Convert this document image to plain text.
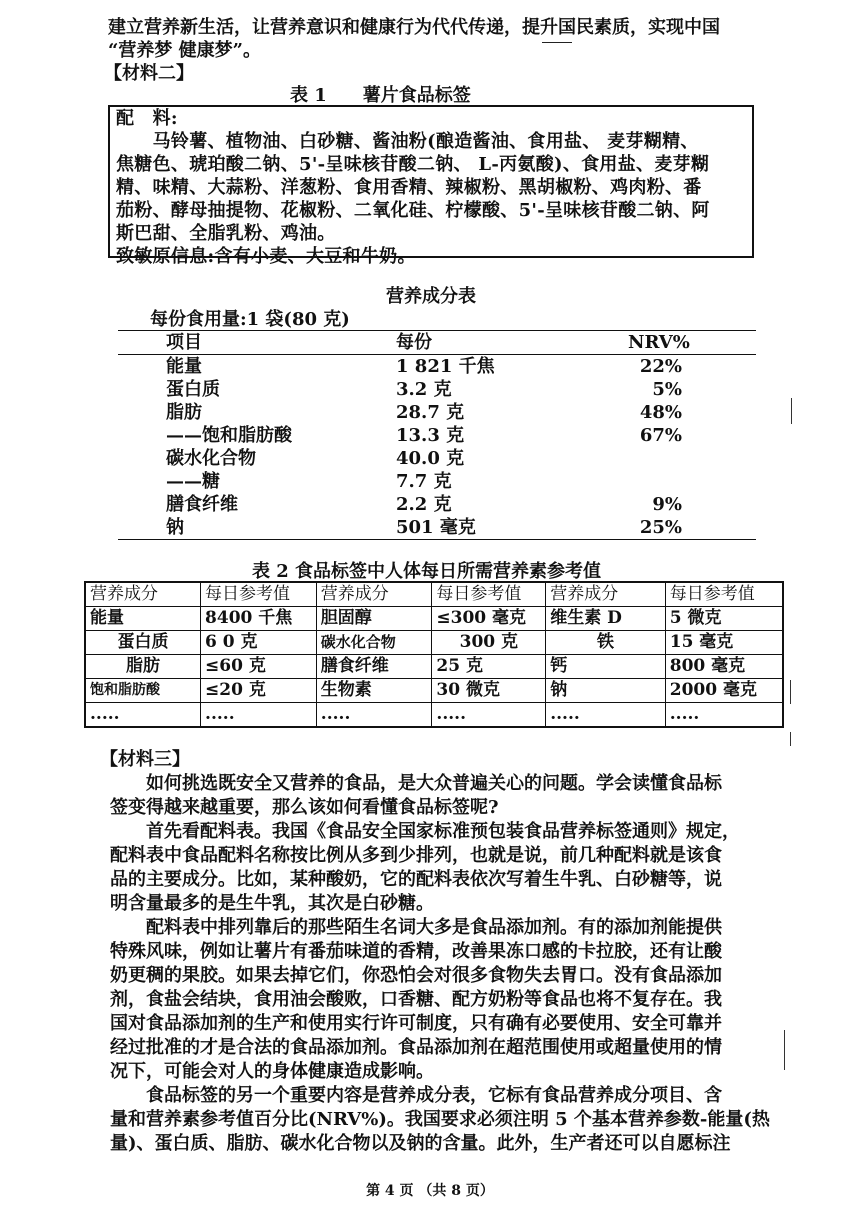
建立营养新生活，让营养意识和健康行为代代传递，提升国民素质，实现中国
“营养梦 健康梦”。
【材料二】
表 1　　薯片食品标签
配　料:
　　马铃薯、植物油、白砂糖、酱油粉(酿造酱油、食用盐、 麦芽糊精、
焦糖色、琥珀酸二钠、5'-呈味核苷酸二钠、 L-丙氨酸)、食用盐、麦芽糊
精、味精、大蒜粉、洋葱粉、食用香精、辣椒粉、黑胡椒粉、鸡肉粉、番
茄粉、酵母抽提物、花椒粉、二氧化硅、柠檬酸、5'-呈味核苷酸二钠、阿
斯巴甜、全脂乳粉、鸡油。
致敏原信息:含有小麦、大豆和牛奶。
营养成分表
每份食用量:1 袋(80 克)
	项目	每份	NRV%
	能量	1 821 千焦	22%
	蛋白质	3.2 克	5%
	脂肪	28.7 克	48%
	——饱和脂肪酸	13.3 克	67%
	碳水化合物	40.0 克	
	——糖	7.7 克	
	膳食纤维	2.2 克	9%
	钠	501 毫克	25%
表 2 食品标签中人体每日所需营养素参考值
营养成分	每日参考值	营养成分	每日参考值	营养成分	每日参考值
能量	8400 千焦	胆固醇	≤300 毫克	维生素 D	5 微克
蛋白质	6 0 克	碳水化合物	300 克	铁	15 毫克
脂肪	≤60 克	膳食纤维	25 克	钙	800 毫克
饱和脂肪酸	≤20 克	生物素	30 微克	钠	2000 毫克
.....	.....	.....	.....	.....	.....
【材料三】
　　如何挑选既安全又营养的食品，是大众普遍关心的问题。学会读懂食品标
签变得越来越重要，那么该如何看懂食品标签呢?
　　首先看配料表。我国《食品安全国家标准预包装食品营养标签通则》规定，
配料表中食品配料名称按比例从多到少排列，也就是说，前几种配料就是该食
品的主要成分。比如，某种酸奶，它的配料表依次写着生牛乳、白砂糖等，说
明含量最多的是生牛乳，其次是白砂糖。
　　配料表中排列靠后的那些陌生名词大多是食品添加剂。有的添加剂能提供
特殊风味，例如让薯片有番茄味道的香精，改善果冻口感的卡拉胶，还有让酸
奶更稠的果胶。如果去掉它们，你恐怕会对很多食物失去胃口。没有食品添加
剂，食盐会结块，食用油会酸败，口香糖、配方奶粉等食品也将不复存在。我
国对食品添加剂的生产和使用实行许可制度，只有确有必要使用、安全可靠并
经过批准的才是合法的食品添加剂。食品添加剂在超范围使用或超量使用的情
况下，可能会对人的身体健康造成影响。
　　食品标签的另一个重要内容是营养成分表，它标有食品营养成分项目、含
量和营养素参考值百分比(NRV%)。我国要求必须注明 5 个基本营养参数-能量(热
量)、蛋白质、脂肪、碳水化合物以及钠的含量。此外，生产者还可以自愿标注
第 4 页 （共 8 页）
